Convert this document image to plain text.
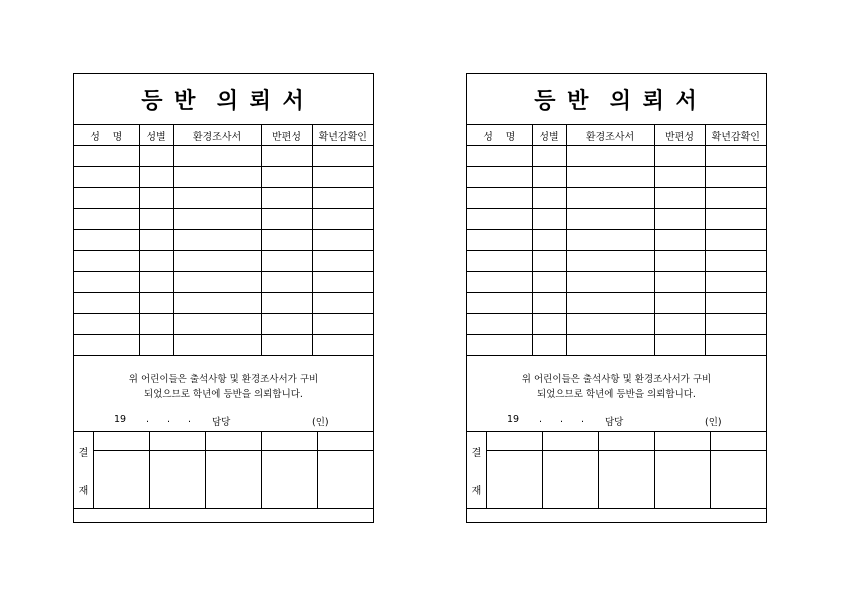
등 반  의 뢰 서
성    명	성별	환경조사서	반편성	확년감확인

위 어린이들은 출석사항 및 환경조사서가 구비
되었으므로 학년에 등반을 의뢰합니다.
19 . . . 담당	(인)
결
재
등 반  의 뢰 서
성    명	성별	환경조사서	반편성	확년감확인

위 어린이들은 출석사항 및 환경조사서가 구비
되었으므로 학년에 등반을 의뢰합니다.
19 . . . 담당	(인)
결
재
